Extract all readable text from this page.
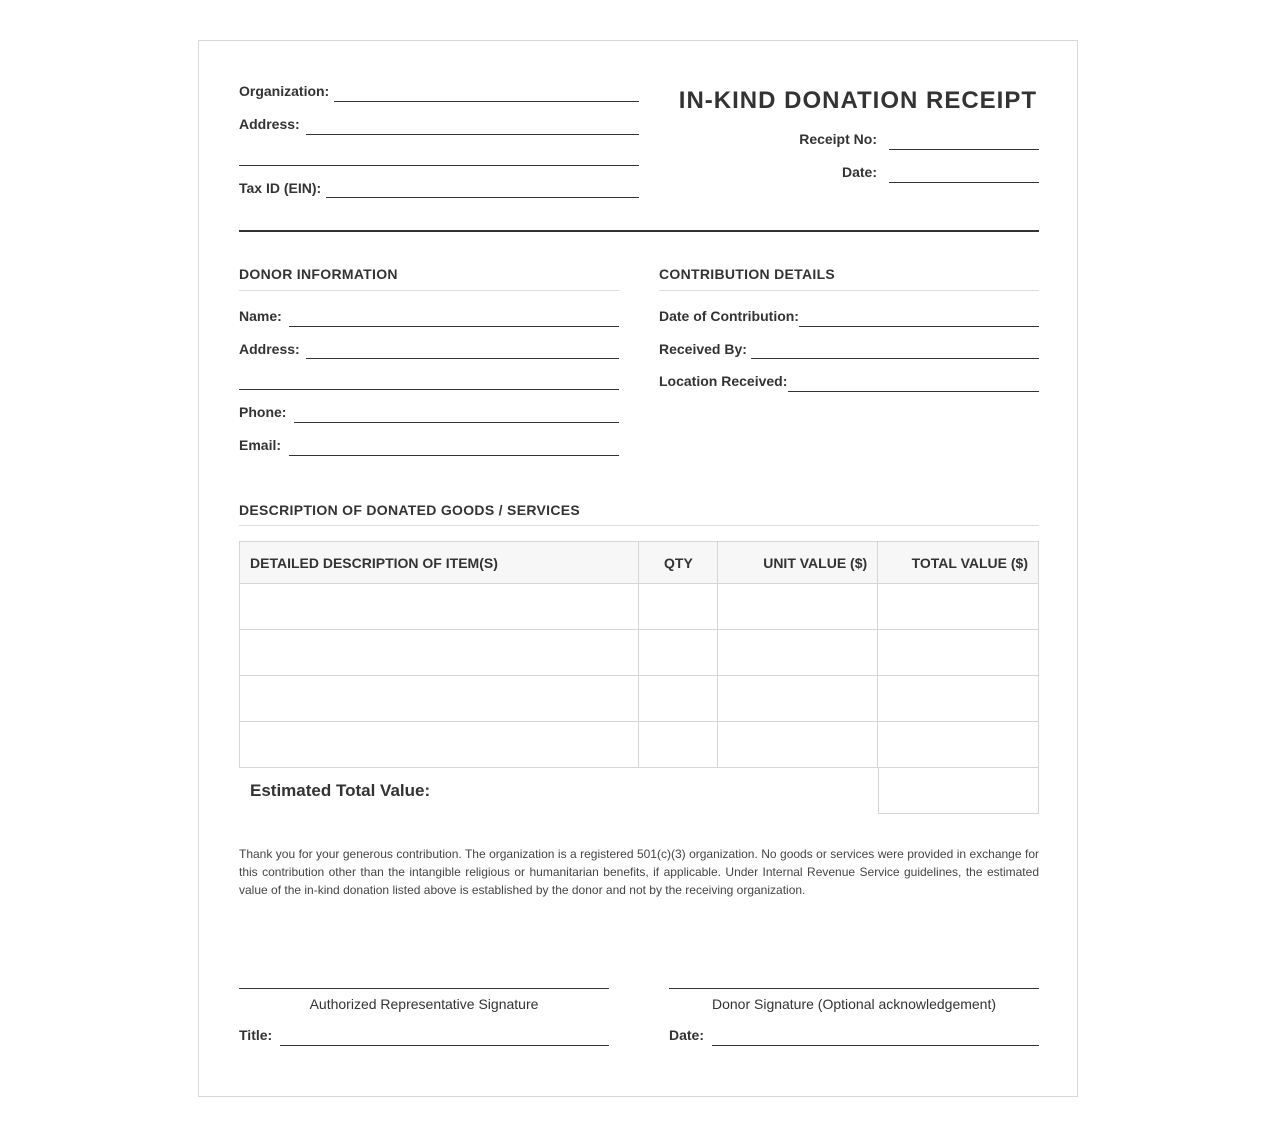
Organization:
Address:
Tax ID (EIN):
IN-KIND DONATION RECEIPT
Receipt No:
Date:
DONOR INFORMATION
Name:
Address:
Phone:
Email:
CONTRIBUTION DETAILS
Date of Contribution:
Received By:
Location Received:
DESCRIPTION OF DONATED GOODS / SERVICES
DETAILED DESCRIPTION OF ITEM(S)	QTY	UNIT VALUE ($)	TOTAL VALUE ($)

Estimated Total Value:
Thank you for your generous contribution. The organization is a registered 501(c)(3) organization. No goods or services were provided in exchange for this contribution other than the intangible religious or humanitarian benefits, if applicable. Under Internal Revenue Service guidelines, the estimated value of the in-kind donation listed above is established by the donor and not by the receiving organization.
Authorized Representative Signature
Title:
Donor Signature (Optional acknowledgement)
Date:
